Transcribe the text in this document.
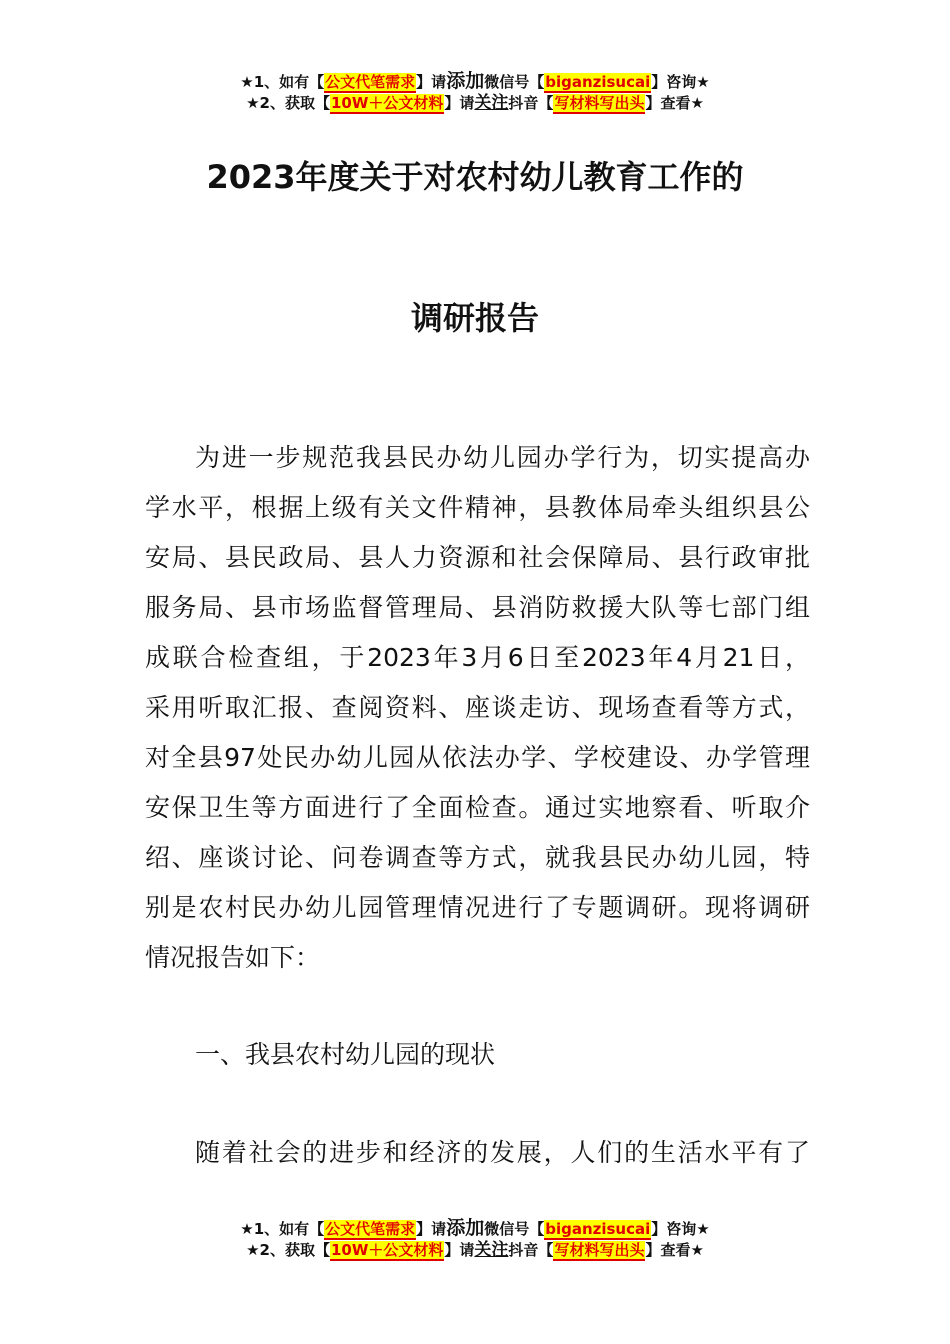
★1、如有【公文代笔需求】请添加微信号【biganzisucai】咨询★
★2、获取【10W＋公文材料】请关注抖音【写材料写出头】查看★
2023年度关于对农村幼儿教育工作的
调研报告
为进一步规范我县民办幼儿园办学行为，切实提高办
学水平，根据上级有关文件精神，县教体局牵头组织县公
安局、县民政局、县人力资源和社会保障局、县行政审批
服务局、县市场监督管理局、县消防救援大队等七部门组
成联合检查组，于2023年3月6日至2023年4月21日，
采用听取汇报、查阅资料、座谈走访、现场查看等方式，
对全县97处民办幼儿园从依法办学、学校建设、办学管理
安保卫生等方面进行了全面检查。通过实地察看、听取介
绍、座谈讨论、问卷调查等方式，就我县民办幼儿园，特
别是农村民办幼儿园管理情况进行了专题调研。现将调研
情况报告如下：
一、我县农村幼儿园的现状
随着社会的进步和经济的发展，人们的生活水平有了
★1、如有【公文代笔需求】请添加微信号【biganzisucai】咨询★
★2、获取【10W＋公文材料】请关注抖音【写材料写出头】查看★
